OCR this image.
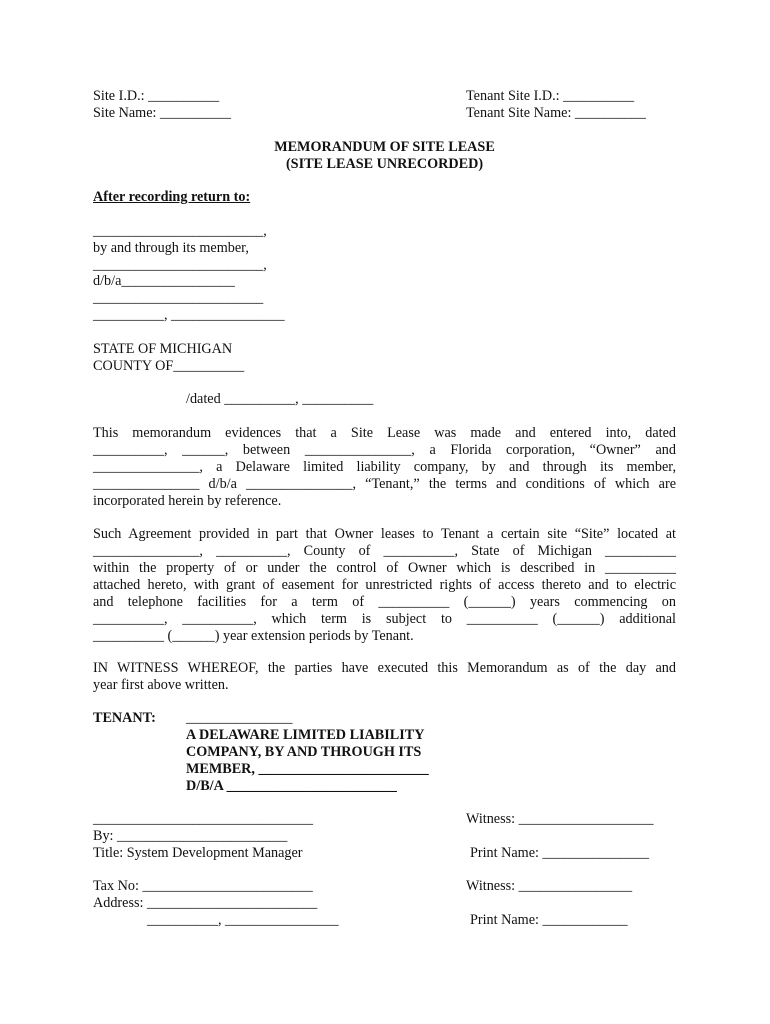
Site I.D.: __________
Site Name: __________
Tenant Site I.D.: __________
Tenant Site Name: __________
MEMORANDUM OF SITE LEASE
(SITE LEASE UNRECORDED)
After recording return to:
________________________,
by and through its member,
________________________,
d/b/a________________
________________________
__________, ________________
STATE OF MICHIGAN
COUNTY OF__________
/dated __________, __________
This memorandum evidences that a Site Lease was made and entered into, dated
__________, ______, between _______________, a Florida corporation, “Owner” and
_______________, a Delaware limited liability company, by and through its member,
_______________ d/b/a _______________, “Tenant,” the terms and conditions of which are
incorporated herein by reference.
Such Agreement provided in part that Owner leases to Tenant a certain site “Site” located at
_______________, __________, County of __________, State of Michigan __________
within the property of or under the control of Owner which is described in __________
attached hereto, with grant of easement for unrestricted rights of access thereto and to electric
and telephone facilities for a term of __________ (______) years commencing on
__________, __________, which term is subject to __________ (______) additional
__________ (______) year extension periods by Tenant.
IN WITNESS WHEREOF, the parties have executed this Memorandum as of the day and
year first above written.
TENANT: _______________
A DELAWARE LIMITED LIABILITY
COMPANY, BY AND THROUGH ITS
MEMBER, ________________________
D/B/A ________________________
_______________________________
By: ________________________
Title: System Development Manager
Tax No: ________________________
Address: ________________________
__________, ________________
Witness: ___________________
Print Name: _______________
Witness: ________________
Print Name: ____________
